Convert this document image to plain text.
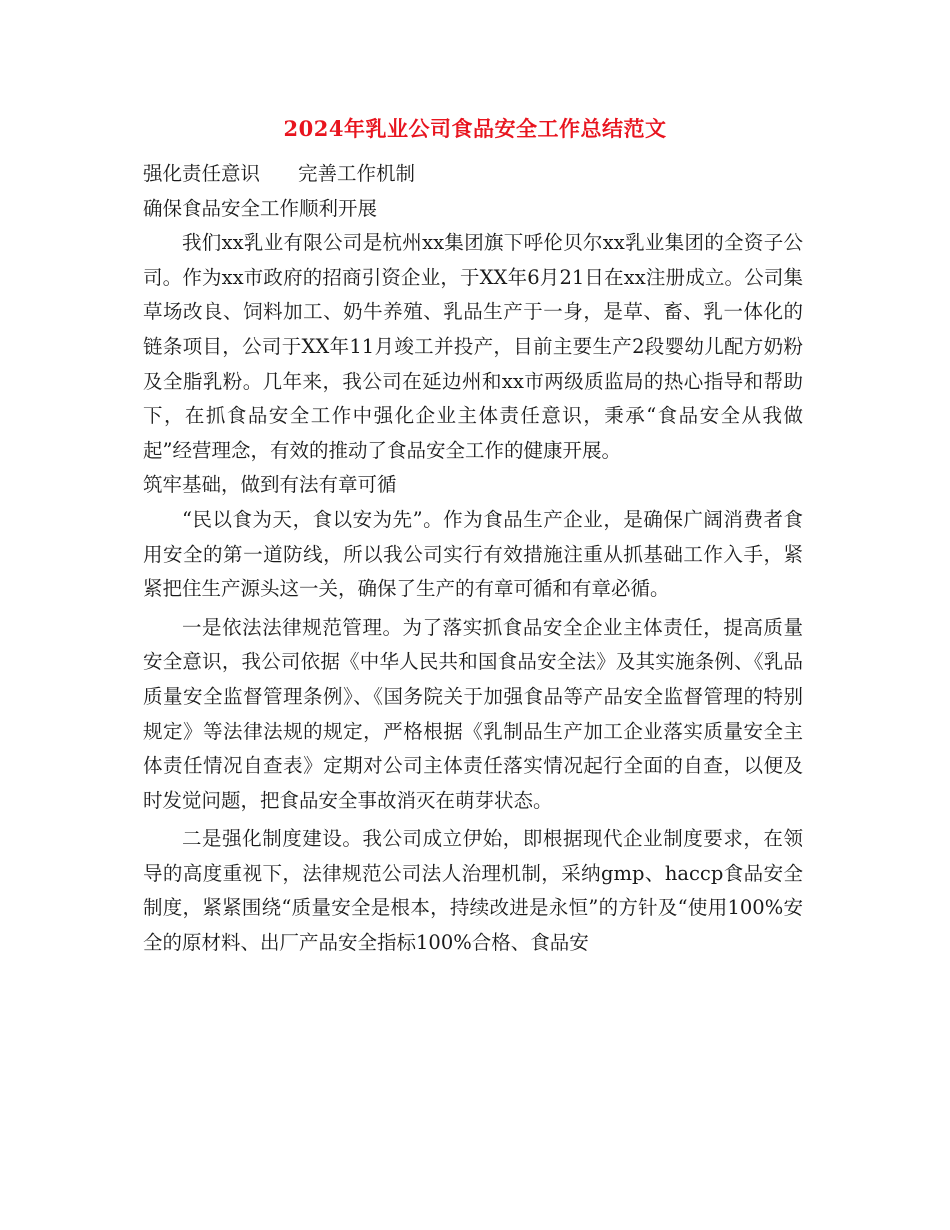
2024年乳业公司食品安全工作总结范文

强化责任意识 完善工作机制

确保食品安全工作顺利开展

我们xx乳业有限公司是杭州xx集团旗下呼伦贝尔xx乳业集团的全资子公司。作为xx市政府的招商引资企业，于XX年6月21日在xx注册成立。公司集草场改良、饲料加工、奶牛养殖、乳品生产于一身，是草、畜、乳一体化的链条项目，公司于XX年11月竣工并投产，目前主要生产2段婴幼儿配方奶粉及全脂乳粉。几年来，我公司在延边州和xx市两级质监局的热心指导和帮助下，在抓食品安全工作中强化企业主体责任意识，秉承“食品安全从我做起”经营理念，有效的推动了食品安全工作的健康开展。

筑牢基础，做到有法有章可循

“民以食为天，食以安为先”。作为食品生产企业，是确保广阔消费者食用安全的第一道防线，所以我公司实行有效措施注重从抓基础工作入手，紧紧把住生产源头这一关，确保了生产的有章可循和有章必循。

一是依法法律规范管理。为了落实抓食品安全企业主体责任，提高质量安全意识，我公司依据《中华人民共和国食品安全法》及其实施条例、《乳品质量安全监督管理条例》、《国务院关于加强食品等产品安全监督管理的特别规定》等法律法规的规定，严格根据《乳制品生产加工企业落实质量安全主体责任情况自查表》定期对公司主体责任落实情况起行全面的自查，以便及时发觉问题，把食品安全事故消灭在萌芽状态。

二是强化制度建设。我公司成立伊始，即根据现代企业制度要求，在领导的高度重视下，法律规范公司法人治理机制，采纳gmp、haccp食品安全制度，紧紧围绕“质量安全是根本，持续改进是永恒”的方针及“使用100%安全的原材料、出厂产品安全指标100%合格、食品安
